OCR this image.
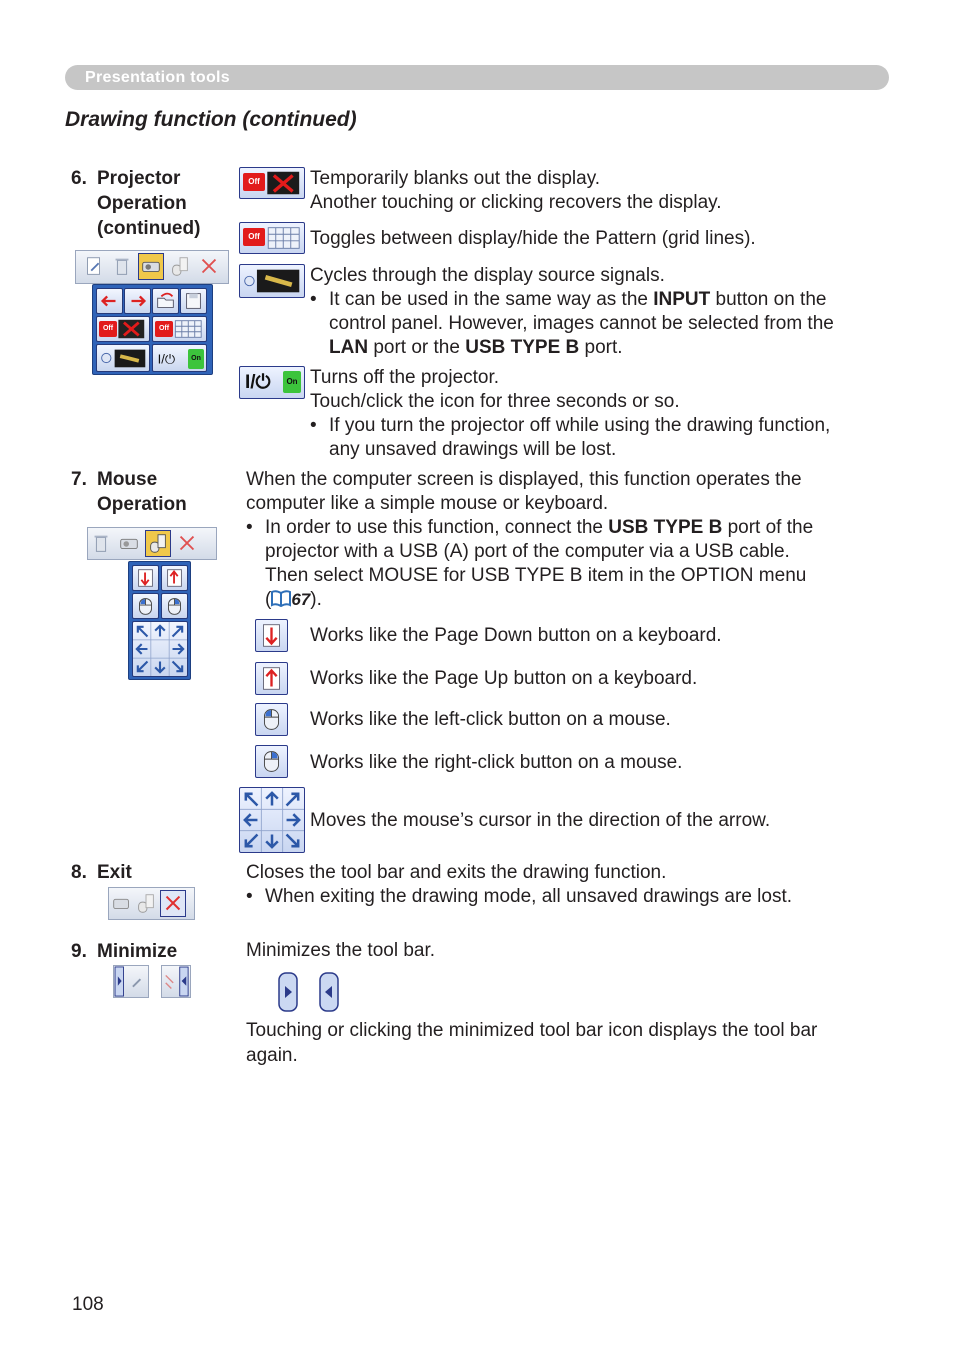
Presentation tools
Drawing function (continued)
6. Projector
Operation
(continued)
Off	Off
I/⏻	On
Off	Temporarily blanks out the display.
Another touching or clicking recovers the display.
Off	Toggles between display/hide the Pattern (grid lines).
Cycles through the display source signals.
• It can be used in the same way as the INPUT button on the
control panel. However, images cannot be selected from the
LAN port or the USB TYPE B port.
I/⏻	On Turns off the projector.
Touch/click the icon for three seconds or so.
• If you turn the projector off while using the drawing function,
any unsaved drawings will be lost.
7. Mouse
Operation
When the computer screen is displayed, this function operates the
computer like a simple mouse or keyboard.
• In order to use this function, connect the USB TYPE B port of the
projector with a USB (A) port of the computer via a USB cable.
Then select MOUSE for USB TYPE B item in the OPTION menu
( 67).
Works like the Page Down button on a keyboard.
Works like the Page Up button on a keyboard.
Works like the left-click button on a mouse.
Works like the right-click button on a mouse.
Moves the mouse’s cursor in the direction of the arrow.
8. Exit	Closes the tool bar and exits the drawing function.
• When exiting the drawing mode, all unsaved drawings are lost.
9. Minimize	Minimizes the tool bar.
Touching or clicking the minimized tool bar icon displays the tool bar
again.
108
